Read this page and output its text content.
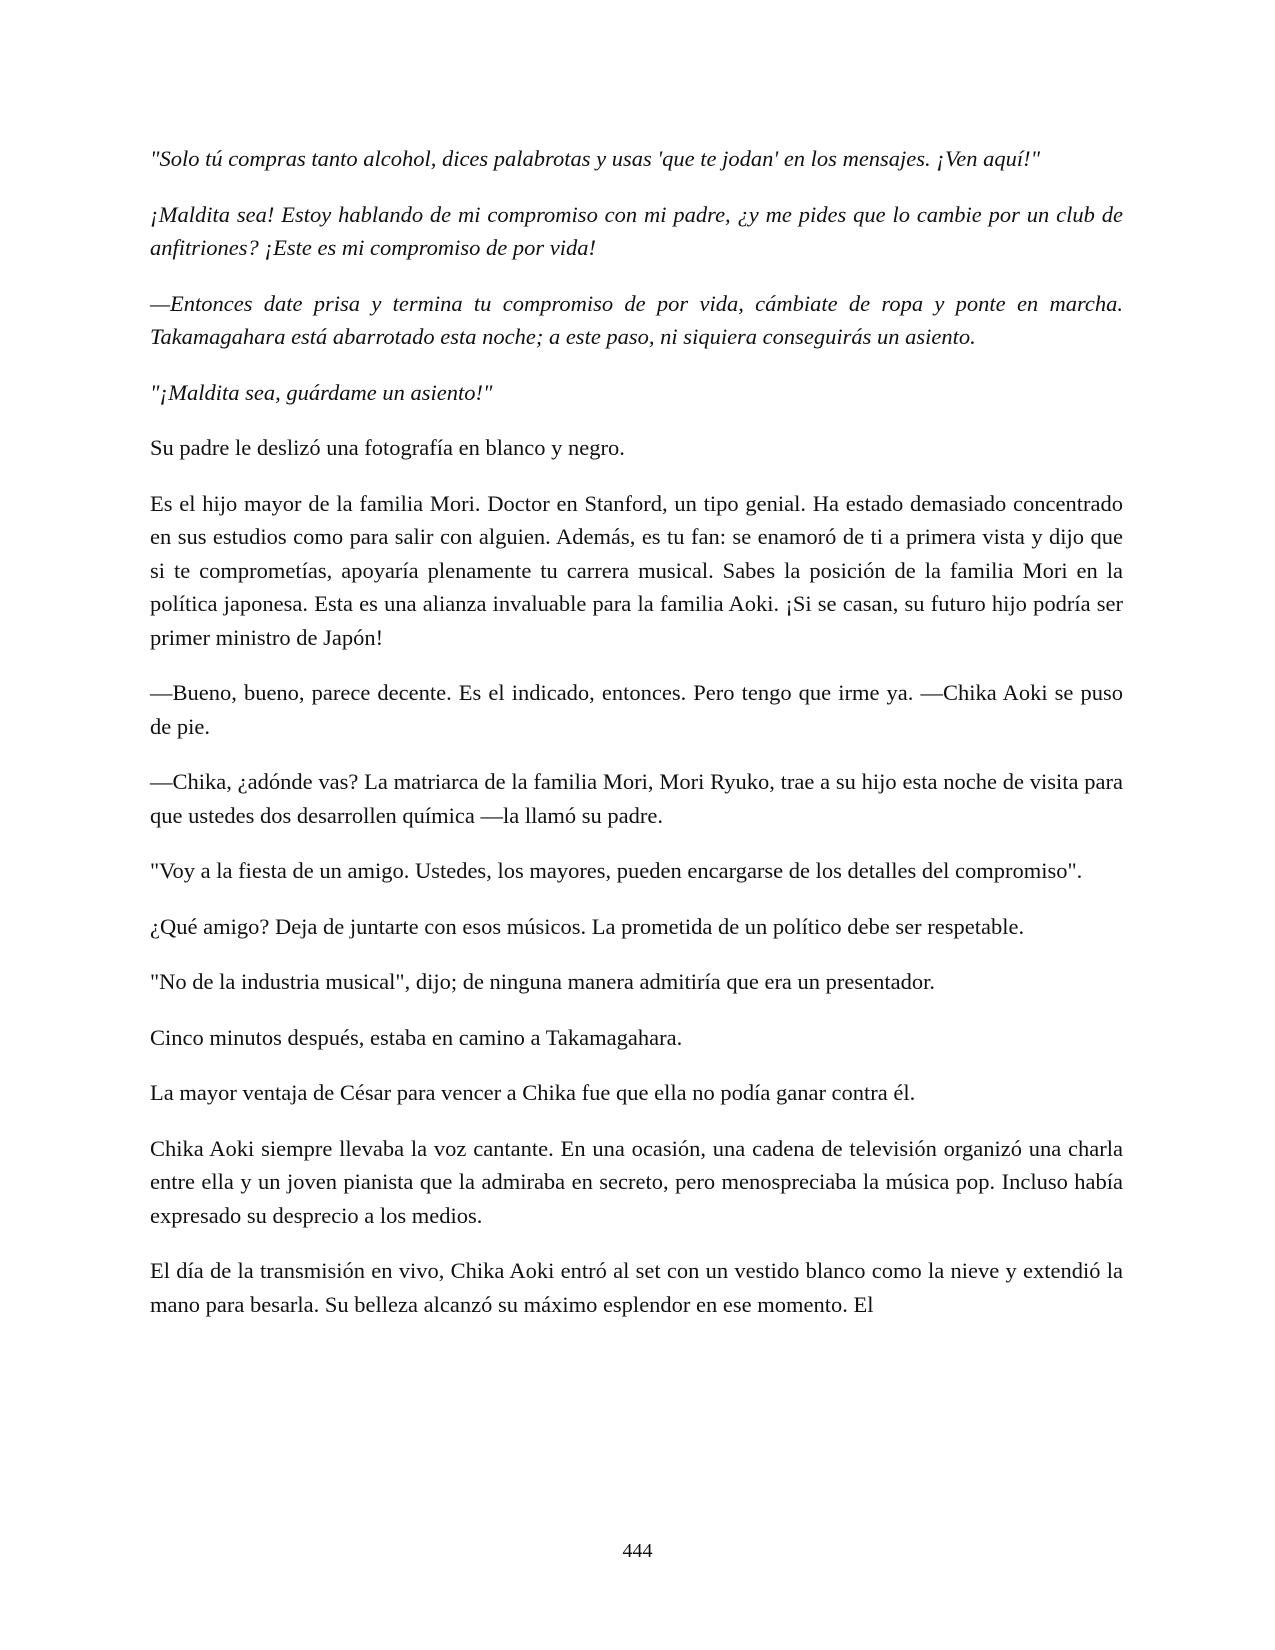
"Solo tú compras tanto alcohol, dices palabrotas y usas 'que te jodan' en los mensajes. ¡Ven aquí!"

¡Maldita sea! Estoy hablando de mi compromiso con mi padre, ¿y me pides que lo cambie por un club de anfitriones? ¡Este es mi compromiso de por vida!

—Entonces date prisa y termina tu compromiso de por vida, cámbiate de ropa y ponte en marcha. Takamagahara está abarrotado esta noche; a este paso, ni siquiera conseguirás un asiento.

"¡Maldita sea, guárdame un asiento!"

Su padre le deslizó una fotografía en blanco y negro.

Es el hijo mayor de la familia Mori. Doctor en Stanford, un tipo genial. Ha estado demasiado concentrado en sus estudios como para salir con alguien. Además, es tu fan: se enamoró de ti a primera vista y dijo que si te comprometías, apoyaría plenamente tu carrera musical. Sabes la posición de la familia Mori en la política japonesa. Esta es una alianza invaluable para la familia Aoki. ¡Si se casan, su futuro hijo podría ser primer ministro de Japón!

—Bueno, bueno, parece decente. Es el indicado, entonces. Pero tengo que irme ya. —Chika Aoki se puso de pie.

—Chika, ¿adónde vas? La matriarca de la familia Mori, Mori Ryuko, trae a su hijo esta noche de visita para que ustedes dos desarrollen química —la llamó su padre.

"Voy a la fiesta de un amigo. Ustedes, los mayores, pueden encargarse de los detalles del compromiso".

¿Qué amigo? Deja de juntarte con esos músicos. La prometida de un político debe ser respetable.

"No de la industria musical", dijo; de ninguna manera admitiría que era un presentador.

Cinco minutos después, estaba en camino a Takamagahara.

La mayor ventaja de César para vencer a Chika fue que ella no podía ganar contra él.

Chika Aoki siempre llevaba la voz cantante. En una ocasión, una cadena de televisión organizó una charla entre ella y un joven pianista que la admiraba en secreto, pero menospreciaba la música pop. Incluso había expresado su desprecio a los medios.

El día de la transmisión en vivo, Chika Aoki entró al set con un vestido blanco como la nieve y extendió la mano para besarla. Su belleza alcanzó su máximo esplendor en ese momento. El

444
